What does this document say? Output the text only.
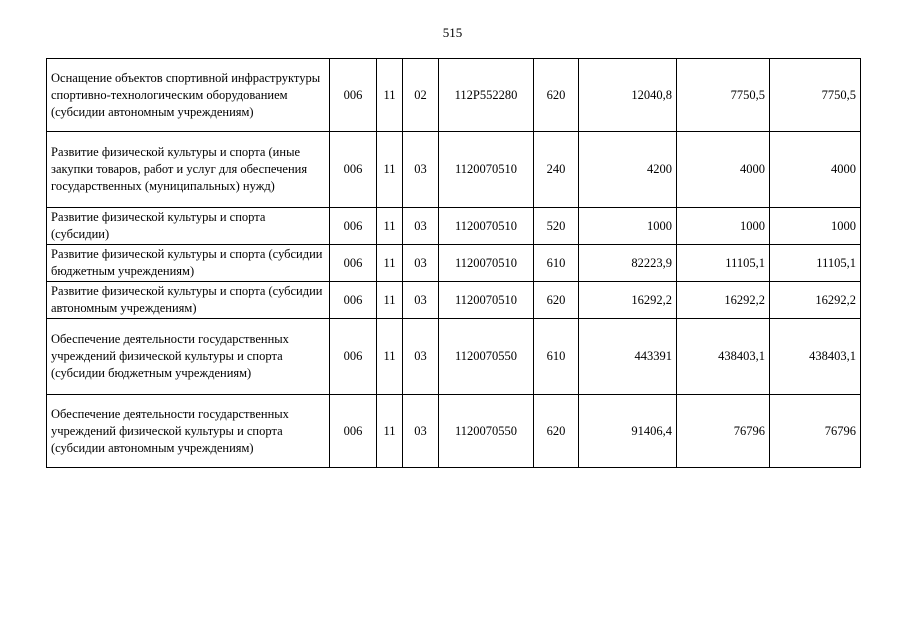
515
Оснащение объектов спортивной инфраструктуры спортивно-технологическим оборудованием (субсидии автономным учреждениям)	006	11	02	112P552280	620	12040,8	7750,5	7750,5
Развитие физической культуры и спорта (иные закупки товаров, работ и услуг для обеспечения государственных (муниципальных) нужд)	006	11	03	1120070510	240	4200	4000	4000
Развитие физической культуры и спорта (субсидии)	006	11	03	1120070510	520	1000	1000	1000
Развитие физической культуры и спорта (субсидии бюджетным учреждениям)	006	11	03	1120070510	610	82223,9	11105,1	11105,1
Развитие физической культуры и спорта (субсидии автономным учреждениям)	006	11	03	1120070510	620	16292,2	16292,2	16292,2
Обеспечение деятельности государственных учреждений физической культуры и спорта (субсидии бюджетным учреждениям)	006	11	03	1120070550	610	443391	438403,1	438403,1
Обеспечение деятельности государственных учреждений физической культуры и спорта (субсидии автономным учреждениям)	006	11	03	1120070550	620	91406,4	76796	76796
